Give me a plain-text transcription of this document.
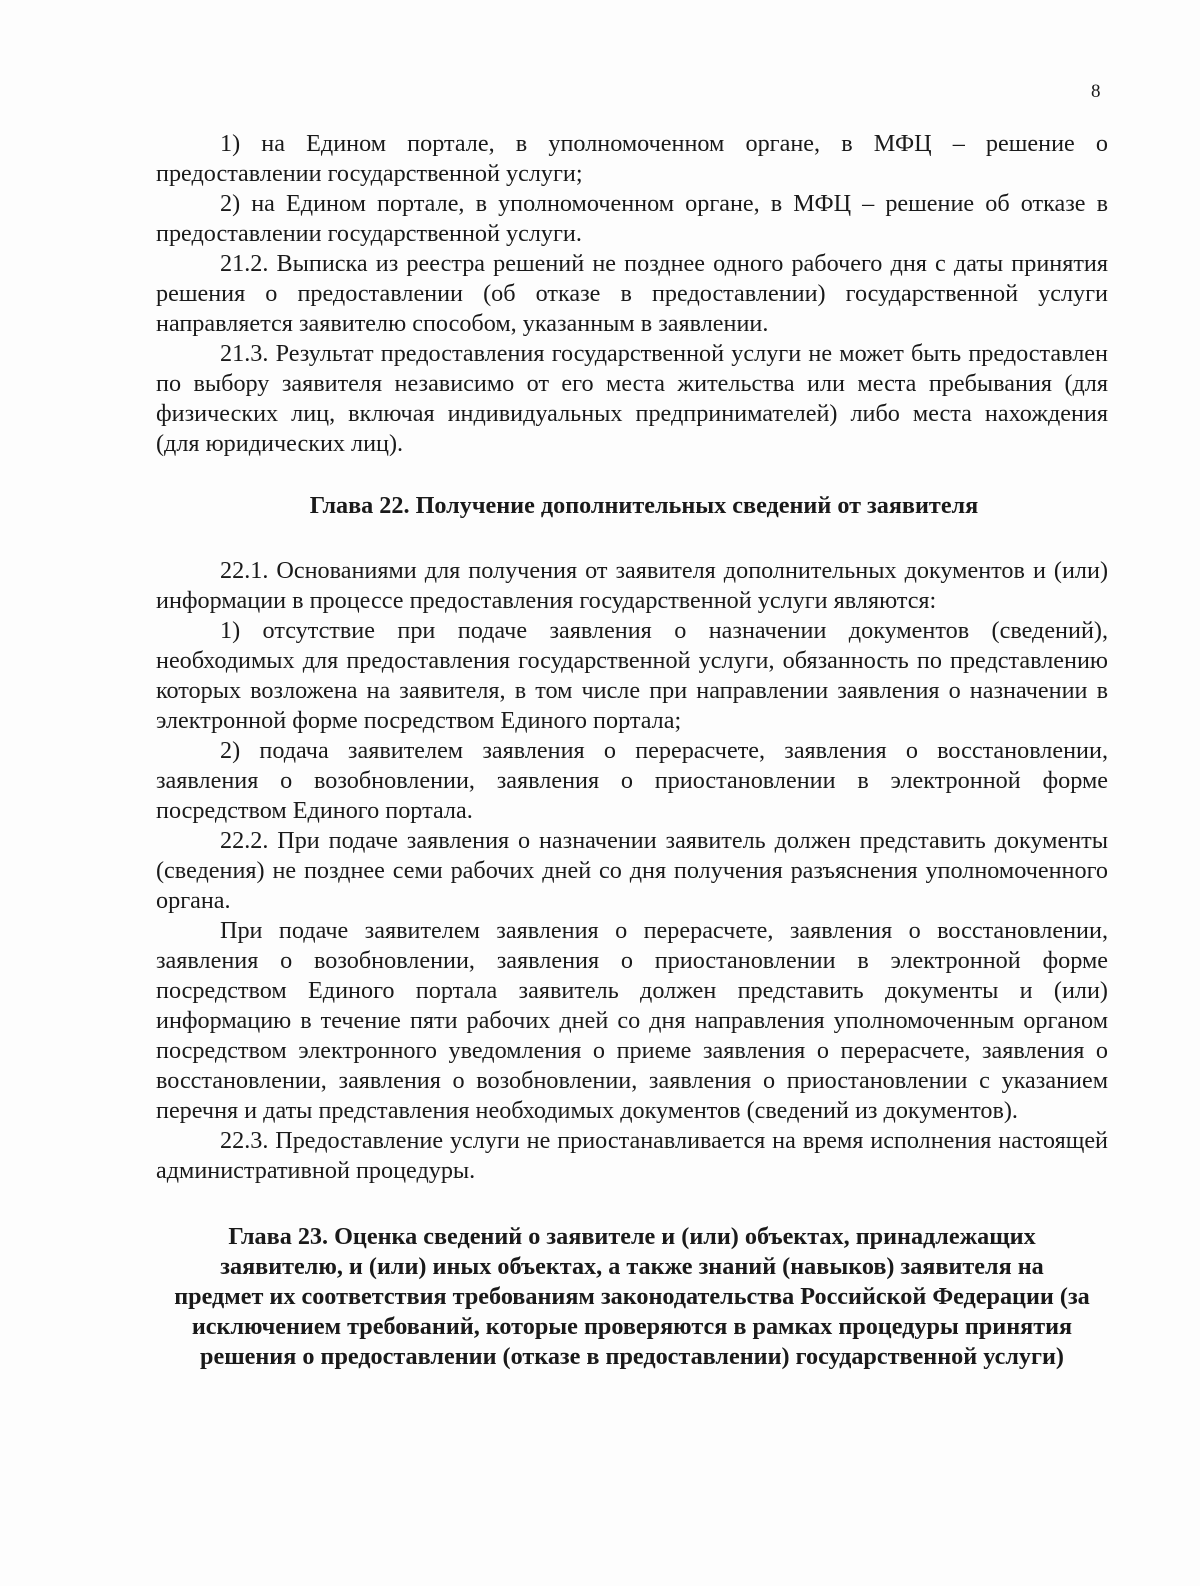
8

1) на Едином портале, в уполномоченном органе, в МФЦ – решение о предоставлении государственной услуги;

2) на Едином портале, в уполномоченном органе, в МФЦ – решение об отказе в предоставлении государственной услуги.

21.2. Выписка из реестра решений не позднее одного рабочего дня с даты принятия решения о предоставлении (об отказе в предоставлении) государственной услуги направляется заявителю способом, указанным в заявлении.

21.3. Результат предоставления государственной услуги не может быть предоставлен по выбору заявителя независимо от его места жительства или места пребывания (для физических лиц, включая индивидуальных предпринимателей) либо места нахождения (для юридических лиц).

Глава 22. Получение дополнительных сведений от заявителя

22.1. Основаниями для получения от заявителя дополнительных документов и (или) информации в процессе предоставления государственной услуги являются:

1) отсутствие при подаче заявления о назначении документов (сведений), необходимых для предоставления государственной услуги, обязанность по представлению которых возложена на заявителя, в том числе при направлении заявления о назначении в электронной форме посредством Единого портала;

2) подача заявителем заявления о перерасчете, заявления о восстановлении, заявления о возобновлении, заявления о приостановлении в электронной форме посредством Единого портала.

22.2. При подаче заявления о назначении заявитель должен представить документы (сведения) не позднее семи рабочих дней со дня получения разъяснения уполномоченного органа.

При подаче заявителем заявления о перерасчете, заявления о восстановлении, заявления о возобновлении, заявления о приостановлении в электронной форме посредством Единого портала заявитель должен представить документы и (или) информацию в течение пяти рабочих дней со дня направления уполномоченным органом посредством электронного уведомления о приеме заявления о перерасчете, заявления о восстановлении, заявления о возобновлении, заявления о приостановлении с указанием перечня и даты представления необходимых документов (сведений из документов).

22.3. Предоставление услуги не приостанавливается на время исполнения настоящей административной процедуры.

Глава 23. Оценка сведений о заявителе и (или) объектах, принадлежащих заявителю, и (или) иных объектах, а также знаний (навыков) заявителя на предмет их соответствия требованиям законодательства Российской Федерации (за исключением требований, которые проверяются в рамках процедуры принятия решения о предоставлении (отказе в предоставлении) государственной услуги)
